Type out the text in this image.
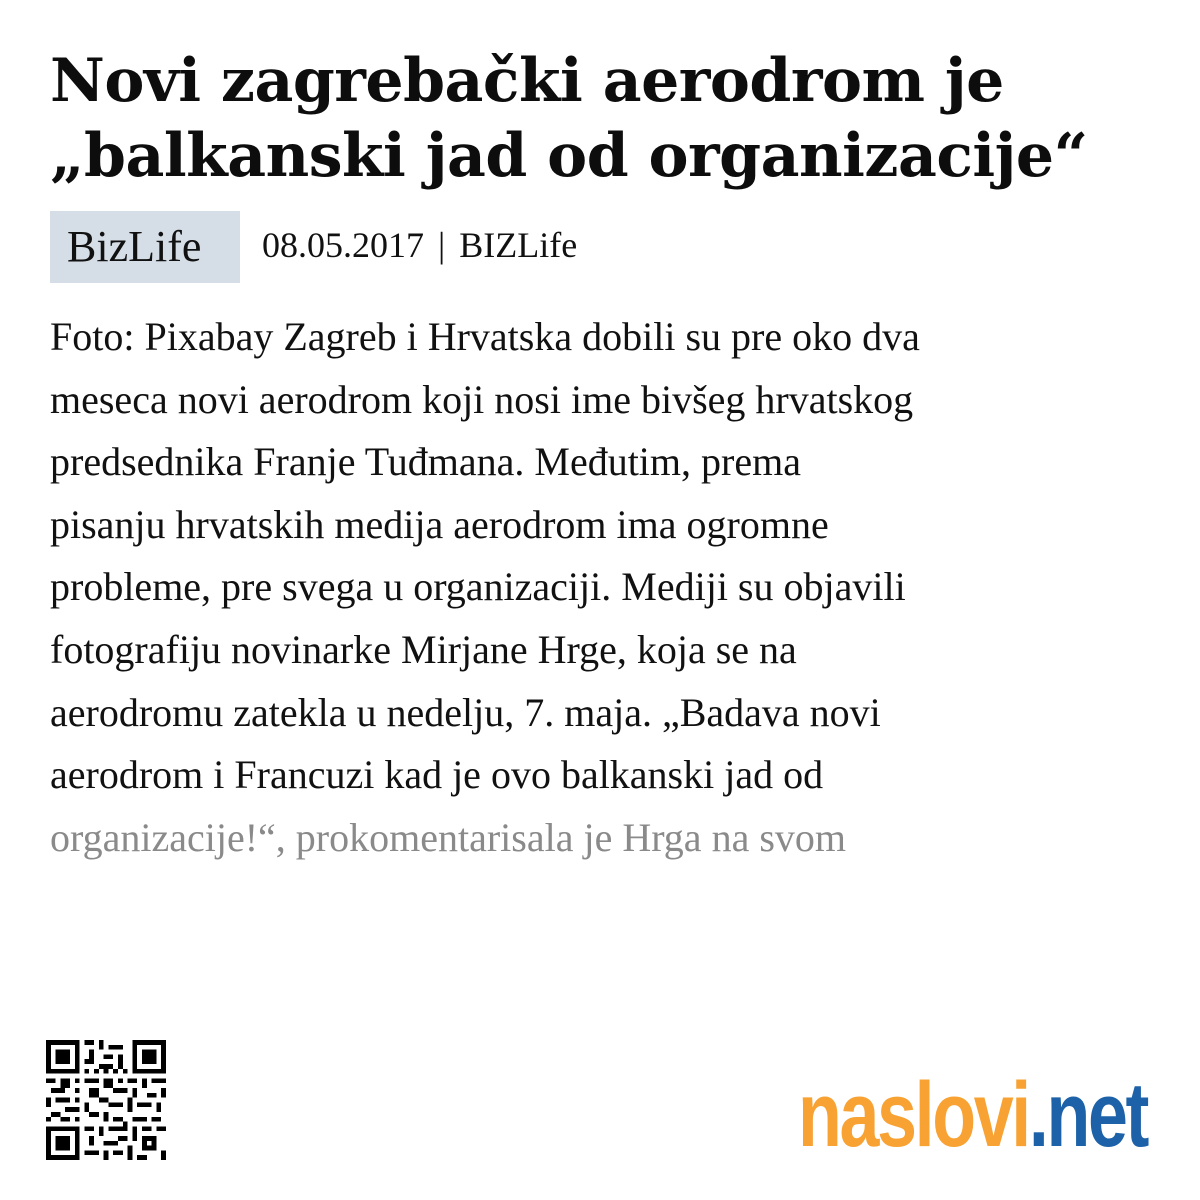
Novi zagrebački aerodrom je „balkanski jad od organizacije“
BizLife	08.05.2017 | BIZLife
Foto: Pixabay Zagreb i Hrvatska dobili su pre oko dva
meseca novi aerodrom koji nosi ime bivšeg hrvatskog
predsednika Franje Tuđmana. Međutim, prema
pisanju hrvatskih medija aerodrom ima ogromne
probleme, pre svega u organizaciji. Mediji su objavili
fotografiju novinarke Mirjane Hrge, koja se na
aerodromu zatekla u nedelju, 7. maja. „Badava novi
aerodrom i Francuzi kad je ovo balkanski jad od
organizacije!“, prokomentarisala je Hrga na svom
naslovi.net
